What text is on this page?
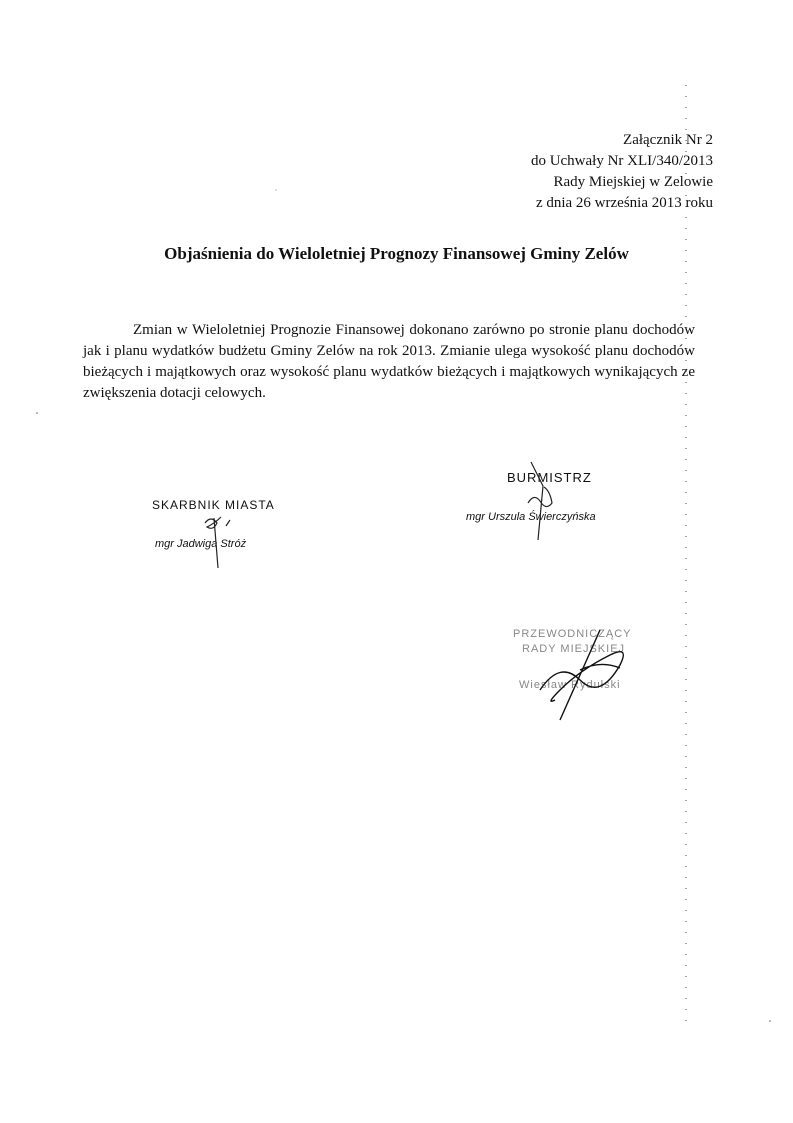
Załącznik Nr 2
do Uchwały Nr XLI/340/2013
Rady Miejskiej w Zelowie
z dnia 26 września 2013 roku
Objaśnienia do Wieloletniej Prognozy Finansowej Gminy Zelów
Zmian w Wieloletniej Prognozie Finansowej dokonano zarówno po stronie planu dochodów jak i planu wydatków budżetu Gminy Zelów na rok 2013. Zmianie ulega wysokość planu dochodów bieżących i majątkowych oraz wysokość planu wydatków bieżących i majątkowych wynikających ze zwiększenia dotacji celowych.
SKARBNIK MIASTA
mgr Jadwiga Stróż
BURMISTRZ
mgr Urszula Świerczyńska
PRZEWODNICZĄCY
RADY MIEJSKIEJ
Wiesław Rydułski
